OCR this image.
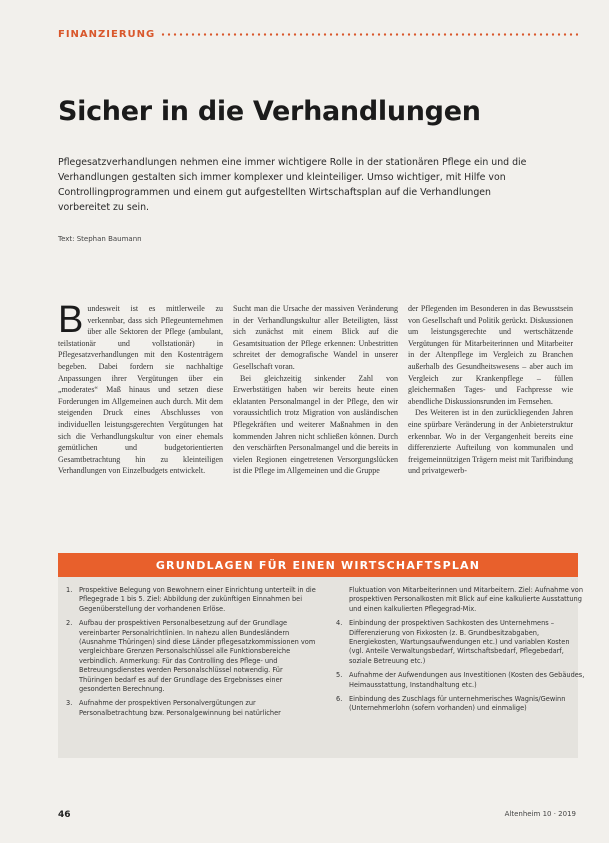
FINANZIERUNG
Sicher in die Verhandlungen

Pflegesatzverhandlungen nehmen eine immer wichtigere Rolle in der stationären Pflege ein und die Verhandlungen gestalten sich immer komplexer und kleinteiliger. Umso wichtiger, mit Hilfe von Controllingprogrammen und einem gut aufgestellten Wirtschaftsplan auf die Verhandlungen vorbereitet zu sein.

Text: Stephan Baumann

Bundesweit ist es mittlerweile zu verkennbar, dass sich Pflegeunternehmen über alle Sektoren der Pflege (ambulant, teilstationär und vollstationär) in Pflegesatzverhandlungen mit den Kostenträgern begeben. Dabei fordern sie nachhaltige Anpassungen ihrer Vergütungen über ein „moderates“ Maß hinaus und setzen diese Forderungen im Allgemeinen auch durch. Mit dem steigenden Druck eines Abschlusses von individuellen leistungsgerechten Vergütungen hat sich die Verhandlungskultur von einer ehemals gemütlichen und budgetorientierten Gesamtbetrachtung hin zu kleinteiligen Verhandlungen von Einzelbudgets entwickelt.

Sucht man die Ursache der massiven Veränderung in der Verhandlungskultur aller Beteiligten, lässt sich zunächst mit einem Blick auf die Gesamtsituation der Pflege erkennen: Unbestritten schreitet der demografische Wandel in unserer Gesellschaft voran.

Bei gleichzeitig sinkender Zahl von Erwerbstätigen haben wir bereits heute einen eklatanten Personalmangel in der Pflege, den wir voraussichtlich trotz Migration von ausländischen Pflegekräften und weiterer Maßnahmen in den kommenden Jahren nicht schließen können. Durch den verschärften Personalmangel und die bereits in vielen Regionen eingetretenen Versorgungslücken ist die Pflege im Allgemeinen und die Gruppe

der Pflegenden im Besonderen in das Bewusstsein von Gesellschaft und Politik gerückt. Diskussionen um leistungsgerechte und wertschätzende Vergütungen für Mitarbeiterinnen und Mitarbeiter in der Altenpflege im Vergleich zu Branchen außerhalb des Gesundheitswesens – aber auch im Vergleich zur Krankenpflege – füllen gleichermaßen Tages- und Fachpresse wie abendliche Diskussionsrunden im Fernsehen.

Des Weiteren ist in den zurückliegenden Jahren eine spürbare Veränderung in der Anbieterstruktur erkennbar. Wo in der Vergangenheit bereits eine differenzierte Aufteilung von kommunalen und freigemeinnützigen Trägern meist mit Tarifbindung und privatgewerb-

GRUNDLAGEN FÜR EINEN WIRTSCHAFTSPLAN
1.	Prospektive Belegung von Bewohnern einer Einrichtung unterteilt in die Pflegegrade 1 bis 5. Ziel: Abbildung der zukünftigen Einnahmen bei Gegenüberstellung der vorhandenen Erlöse.
2.	Aufbau der prospektiven Personalbesetzung auf der Grundlage vereinbarter Personalrichtlinien. In nahezu allen Bundesländern (Ausnahme Thüringen) sind diese Länder pflegesatzkommissionen vom vergleichbare Grenzen Personalschlüssel alle Funktionsbereiche verbindlich. Anmerkung: Für das Controlling des Pflege- und Betreuungsdienstes werden Personalschlüssel notwendig. Für Thüringen bedarf es auf der Grundlage des Ergebnisses einer gesonderten Berechnung.
3.	Aufnahme der prospektiven Personalvergütungen zur Personalbetrachtung bzw. Personalgewinnung bei natürlicher
Fluktuation von Mitarbeiterinnen und Mitarbeitern. Ziel: Aufnahme von prospektiven Personalkosten mit Blick auf eine kalkulierte Ausstattung und einen kalkulierten Pflegegrad-Mix.
4.	Einbindung der prospektiven Sachkosten des Unternehmens – Differenzierung von Fixkosten (z. B. Grundbesitzabgaben, Energiekosten, Wartungsaufwendungen etc.) und variablen Kosten (vgl. Anteile Verwaltungsbedarf, Wirtschaftsbedarf, Pflegebedarf, soziale Betreuung etc.)
5.	Aufnahme der Aufwendungen aus Investitionen (Kosten des Gebäudes, Heimausstattung, Instandhaltung etc.)
6.	Einbindung des Zuschlags für unternehmerisches Wagnis/Gewinn (Unternehmerlohn (sofern vorhanden) und einmalige)
46	Altenheim 10 · 2019
